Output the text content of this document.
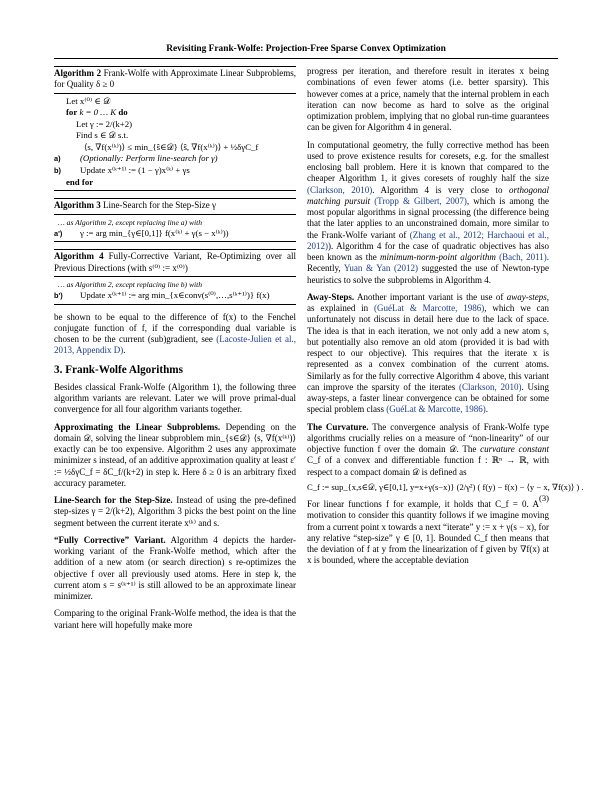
Revisiting Frank-Wolfe: Projection-Free Sparse Convex Optimization
Algorithm 2 Frank-Wolfe with Approximate Linear Subproblems, for Quality δ ≥ 0
Let x⁽⁰⁾ ∈ 𝒟
for k = 0 … K do
Let γ := 2/(k+2)
Find s ∈ 𝒟 s.t.
⟨s, ∇f(x⁽ᵏ⁾)⟩ ≤ min_{ŝ∈𝒟} ⟨ŝ, ∇f(x⁽ᵏ⁾)⟩ + ½δγC_f
a) (Optionally: Perform line-search for γ)
b) Update x⁽ᵏ⁺¹⁾ := (1 − γ)x⁽ᵏ⁾ + γs
end for
Algorithm 3 Line-Search for the Step-Size γ
… as Algorithm 2, except replacing line a) with
a') γ := arg min_{γ∈[0,1]} f(x⁽ᵏ⁾ + γ(s − x⁽ᵏ⁾))
Algorithm 4 Fully-Corrective Variant, Re-Optimizing over all Previous Directions (with s⁽⁰⁾ := x⁽⁰⁾)
… as Algorithm 2, except replacing line b) with
b') Update x⁽ᵏ⁺¹⁾ := arg min_{x∈conv(s⁽⁰⁾,…,s⁽ᵏ⁺¹⁾)} f(x)

be shown to be equal to the difference of f(x) to the Fenchel conjugate function of f, if the corresponding dual variable is chosen to be the current (sub)gradient, see (Lacoste-Julien et al., 2013, Appendix D).

3. Frank-Wolfe Algorithms

Besides classical Frank-Wolfe (Algorithm 1), the following three algorithm variants are relevant. Later we will prove primal-dual convergence for all four algorithm variants together.

Approximating the Linear Subproblems. Depending on the domain 𝒟, solving the linear subproblem min_{s∈𝒟} ⟨s, ∇f(x⁽ᵏ⁾)⟩ exactly can be too expensive. Algorithm 2 uses any approximate minimizer s instead, of an additive approximation quality at least ε′ := ½δγC_f = δC_f/(k+2) in step k. Here δ ≥ 0 is an arbitrary fixed accuracy parameter.

Line-Search for the Step-Size. Instead of using the pre-defined step-sizes γ = 2/(k+2), Algorithm 3 picks the best point on the line segment between the current iterate x⁽ᵏ⁾ and s.

“Fully Corrective” Variant. Algorithm 4 depicts the harder-working variant of the Frank-Wolfe method, which after the addition of a new atom (or search direction) s re-optimizes the objective f over all previously used atoms. Here in step k, the current atom s = s⁽ᵏ⁺¹⁾ is still allowed to be an approximate linear minimizer.

Comparing to the original Frank-Wolfe method, the idea is that the variant here will hopefully make more

progress per iteration, and therefore result in iterates x being combinations of even fewer atoms (i.e. better sparsity). This however comes at a price, namely that the internal problem in each iteration can now become as hard to solve as the original optimization problem, implying that no global run-time guarantees can be given for Algorithm 4 in general.

In computational geometry, the fully corrective method has been used to prove existence results for coresets, e.g. for the smallest enclosing ball problem. Here it is known that compared to the cheaper Algorithm 1, it gives coresets of roughly half the size (Clarkson, 2010). Algorithm 4 is very close to orthogonal matching pursuit (Tropp & Gilbert, 2007), which is among the most popular algorithms in signal processing (the difference being that the later applies to an unconstrained domain, more similar to the Frank-Wolfe variant of (Zhang et al., 2012; Harchaoui et al., 2012)). Algorithm 4 for the case of quadratic objectives has also been known as the minimum-norm-point algorithm (Bach, 2011). Recently, Yuan & Yan (2012) suggested the use of Newton-type heuristics to solve the subproblems in Algorithm 4.

Away-Steps. Another important variant is the use of away-steps, as explained in (GuéLat & Marcotte, 1986), which we can unfortunately not discuss in detail here due to the lack of space. The idea is that in each iteration, we not only add a new atom s, but potentially also remove an old atom (provided it is bad with respect to our objective). This requires that the iterate x is represented as a convex combination of the current atoms. Similarly as for the fully corrective Algorithm 4 above, this variant can improve the sparsity of the iterates (Clarkson, 2010). Using away-steps, a faster linear convergence can be obtained for some special problem class (GuéLat & Marcotte, 1986).

The Curvature. The convergence analysis of Frank-Wolfe type algorithms crucially relies on a measure of “non-linearity” of our objective function f over the domain 𝒟. The curvature constant C_f of a convex and differentiable function f : ℝⁿ → ℝ, with respect to a compact domain 𝒟 is defined as

C_f := sup_{x,s∈𝒟, γ∈[0,1], y=x+γ(s−x)} (2/γ²) ( f(y) − f(x) − ⟨y − x, ∇f(x)⟩ ) .
(3)

For linear functions f for example, it holds that C_f = 0. A motivation to consider this quantity follows if we imagine moving from a current point x towards a next “iterate” y := x + γ(s − x), for any relative “step-size” γ ∈ [0, 1]. Bounded C_f then means that the deviation of f at y from the linearization of f given by ∇f(x) at x is bounded, where the acceptable deviation
